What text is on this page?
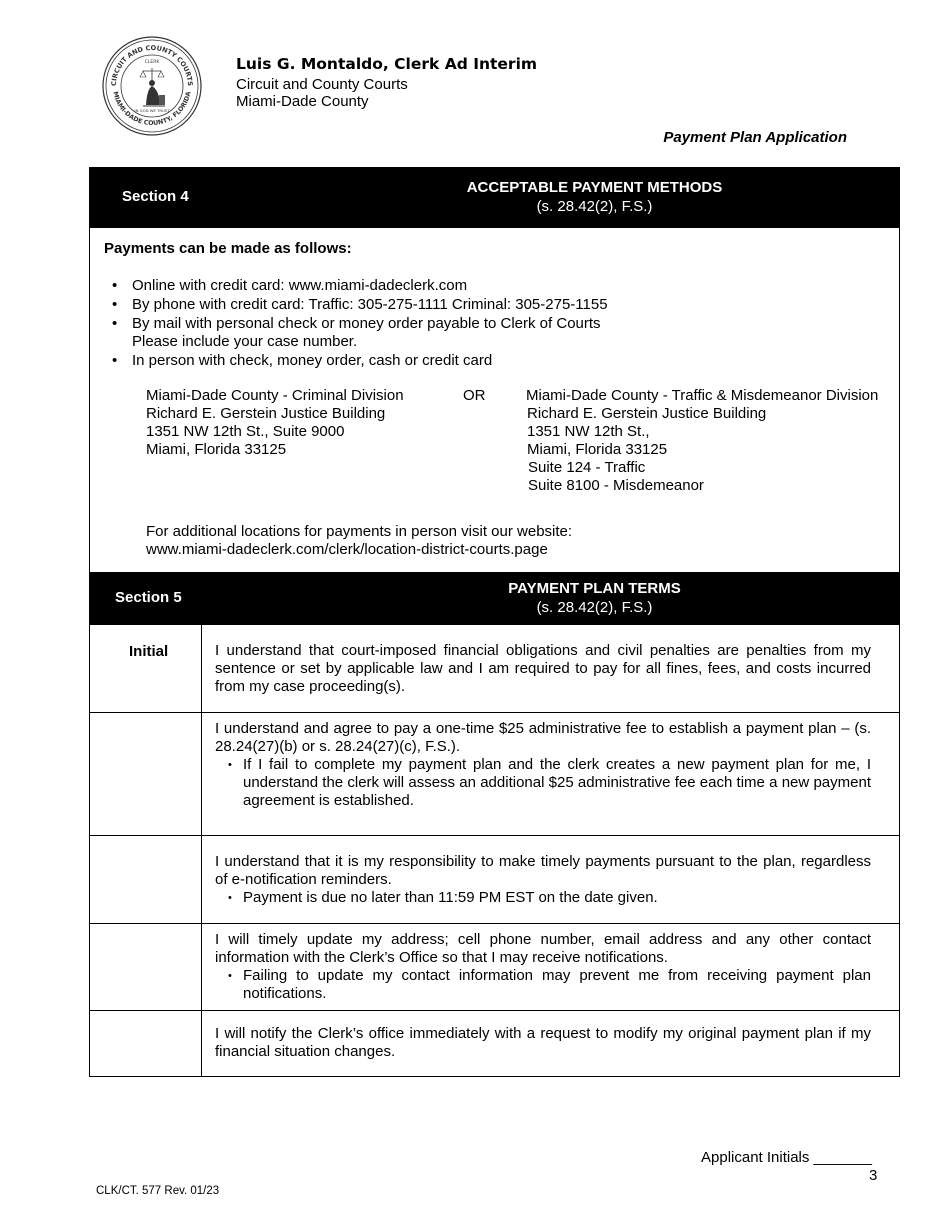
CIRCUIT AND COUNTY COURTS
MIAMI-DADE COUNTY, FLORIDA
CLERK
IN GOD WE TRUST
Luis G. Montaldo, Clerk Ad Interim
Circuit and County Courts
Miami-Dade County
Payment Plan Application
Section 4
ACCEPTABLE PAYMENT METHODS
(s. 28.42(2), F.S.)
Payments can be made as follows:
• Online with credit card: www.miami-dadeclerk.com
• By phone with credit card: Traffic: 305-275-1111 Criminal: 305-275-1155
• By mail with personal check or money order payable to Clerk of Courts
Please include your case number.
• In person with check, money order, cash or credit card
Miami-Dade County - Criminal Division
Richard E. Gerstein Justice Building
1351 NW 12th St., Suite 9000
Miami, Florida 33125
OR	Miami-Dade County - Traffic & Misdemeanor Division
Richard E. Gerstein Justice Building
1351 NW 12th St.,
Miami, Florida 33125
Suite 124 - Traffic
Suite 8100 - Misdemeanor
For additional locations for payments in person visit our website:
www.miami-dadeclerk.com/clerk/location-district-courts.page
Section 5
PAYMENT PLAN TERMS
(s. 28.42(2), F.S.)
Initial	I understand that court-imposed financial obligations and civil penalties are penalties from my sentence or set by applicable law and I am required to pay for all fines, fees, and costs incurred from my case proceeding(s).
I understand and agree to pay a one-time $25 administrative fee to establish a payment plan – (s. 28.24(27)(b) or s. 28.24(27)(c), F.S.).
• If I fail to complete my payment plan and the clerk creates a new payment plan for me, I understand the clerk will assess an additional $25 administrative fee each time a new payment agreement is established.
I understand that it is my responsibility to make timely payments pursuant to the plan, regardless of e-notification reminders.
• Payment is due no later than 11:59 PM EST on the date given.
I will timely update my address; cell phone number, email address and any other contact information with the Clerk’s Office so that I may receive notifications.
• Failing to update my contact information may prevent me from receiving payment plan notifications.
I will notify the Clerk’s office immediately with a request to modify my original payment plan if my financial situation changes.
Applicant Initials _______
3
CLK/CT. 577 Rev. 01/23
